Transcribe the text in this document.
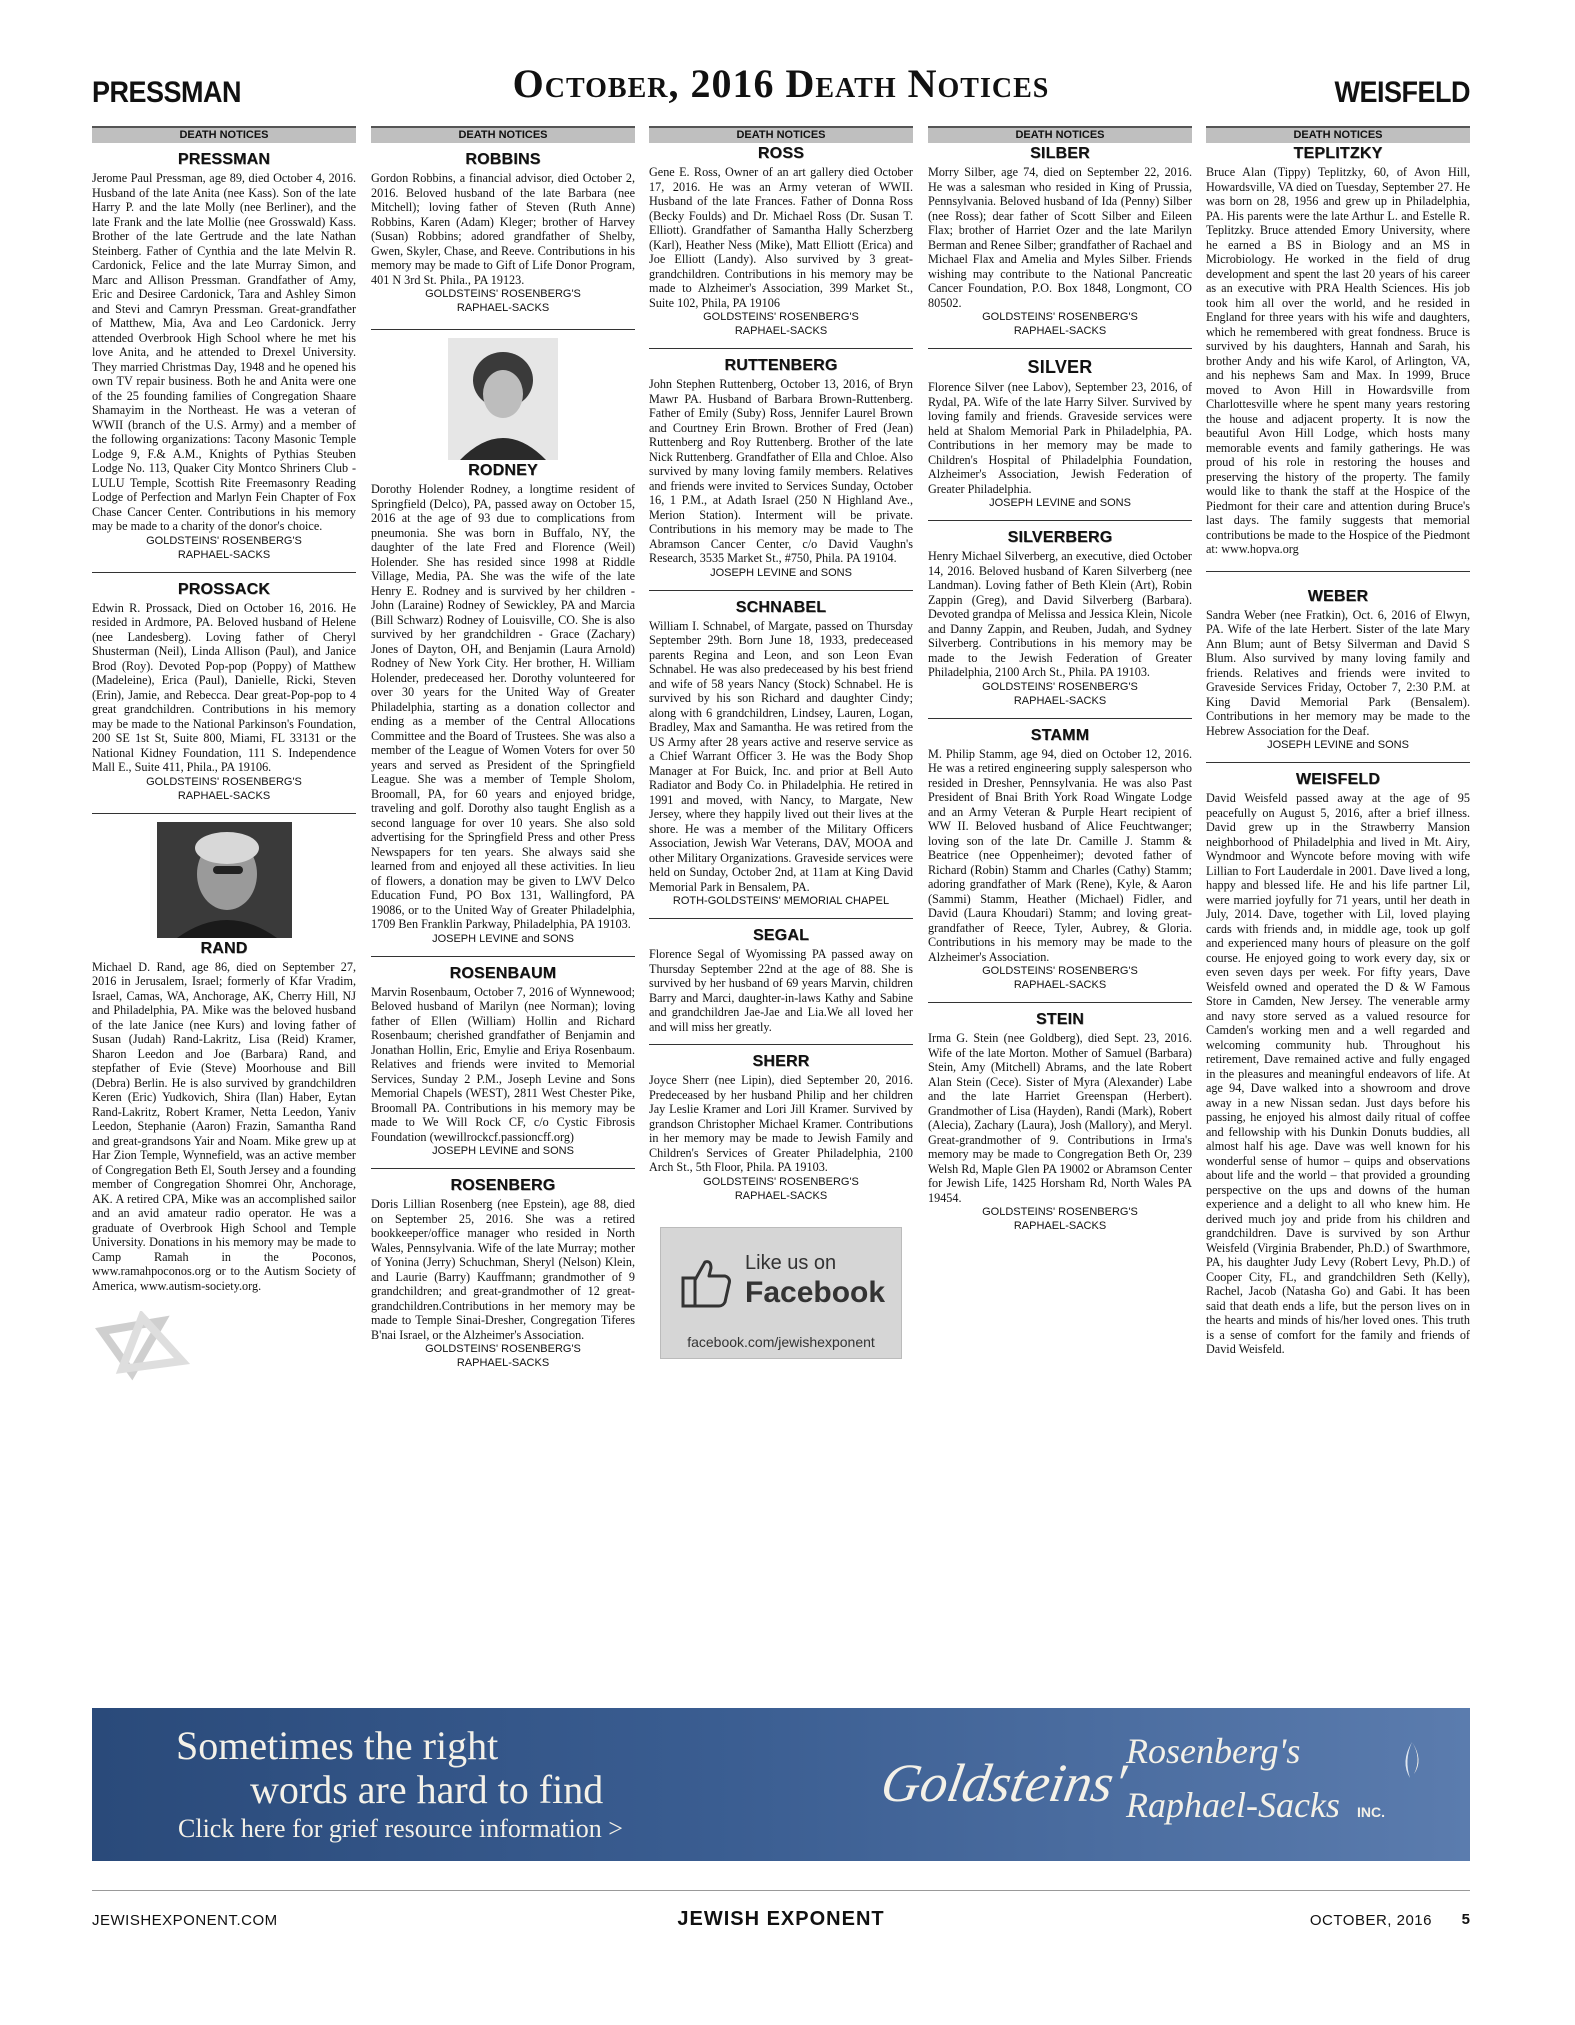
PRESSMAN	October, 2016 Death Notices	WEISFELD
DEATH NOTICES
PRESSMAN

Jerome Paul Pressman, age 89, died October 4, 2016. Husband of the late Anita (nee Kass). Son of the late Harry P. and the late Molly (nee Berliner), and the late Frank and the late Mollie (nee Grosswald) Kass. Brother of the late Gertrude and the late Nathan Steinberg. Father of Cynthia and the late Melvin R. Cardonick, Felice and the late Murray Simon, and Marc and Allison Pressman. Grandfather of Amy, Eric and Desiree Cardonick, Tara and Ashley Simon and Stevi and Camryn Pressman. Great-grandfather of Matthew, Mia, Ava and Leo Cardonick. Jerry attended Overbrook High School where he met his love Anita, and he attended to Drexel University. They married Christmas Day, 1948 and he opened his own TV repair business. Both he and Anita were one of the 25 founding families of Congregation Shaare Shamayim in the Northeast. He was a veteran of WWII (branch of the U.S. Army) and a member of the following organizations: Tacony Masonic Temple Lodge 9, F.& A.M., Knights of Pythias Steuben Lodge No. 113, Quaker City Montco Shriners Club - LULU Temple, Scottish Rite Freemasonry Reading Lodge of Perfection and Marlyn Fein Chapter of Fox Chase Cancer Center. Contributions in his memory may be made to a charity of the donor's choice.

GOLDSTEINS' ROSENBERG'S

RAPHAEL-SACKS

PROSSACK

Edwin R. Prossack, Died on October 16, 2016. He resided in Ardmore, PA. Beloved husband of Helene (nee Landesberg). Loving father of Cheryl Shusterman (Neil), Linda Allison (Paul), and Janice Brod (Roy). Devoted Pop-pop (Poppy) of Matthew (Madeleine), Erica (Paul), Danielle, Ricki, Steven (Erin), Jamie, and Rebecca. Dear great-Pop-pop to 4 great grandchildren. Contributions in his memory may be made to the National Parkinson's Foundation, 200 SE 1st St, Suite 800, Miami, FL 33131 or the National Kidney Foundation, 111 S. Independence Mall E., Suite 411, Phila., PA 19106.

GOLDSTEINS' ROSENBERG'S

RAPHAEL-SACKS

RAND

Michael D. Rand, age 86, died on September 27, 2016 in Jerusalem, Israel; formerly of Kfar Vradim, Israel, Camas, WA, Anchorage, AK, Cherry Hill, NJ and Philadelphia, PA. Mike was the beloved husband of the late Janice (nee Kurs) and loving father of Susan (Judah) Rand-Lakritz, Lisa (Reid) Kramer, Sharon Leedon and Joe (Barbara) Rand, and stepfather of Evie (Steve) Moorhouse and Bill (Debra) Berlin. He is also survived by grandchildren Keren (Eric) Yudkovich, Shira (Ilan) Haber, Eytan Rand-Lakritz, Robert Kramer, Netta Leedon, Yaniv Leedon, Stephanie (Aaron) Frazin, Samantha Rand and great-grandsons Yair and Noam. Mike grew up at Har Zion Temple, Wynnefield, was an active member of Congregation Beth El, South Jersey and a founding member of Congregation Shomrei Ohr, Anchorage, AK. A retired CPA, Mike was an accomplished sailor and an avid amateur radio operator. He was a graduate of Overbrook High School and Temple University. Donations in his memory may be made to Camp Ramah in the Poconos, www.ramahpoconos.org or to the Autism Society of America, www.autism-society.org.

DEATH NOTICES
ROBBINS

Gordon Robbins, a financial advisor, died October 2, 2016. Beloved husband of the late Barbara (nee Mitchell); loving father of Steven (Ruth Anne) Robbins, Karen (Adam) Kleger; brother of Harvey (Susan) Robbins; adored grandfather of Shelby, Gwen, Skyler, Chase, and Reeve. Contributions in his memory may be made to Gift of Life Donor Program, 401 N 3rd St. Phila., PA 19123.

GOLDSTEINS' ROSENBERG'S

RAPHAEL-SACKS

RODNEY

Dorothy Holender Rodney, a longtime resident of Springfield (Delco), PA, passed away on October 15, 2016 at the age of 93 due to complications from pneumonia. She was born in Buffalo, NY, the daughter of the late Fred and Florence (Weil) Holender. She has resided since 1998 at Riddle Village, Media, PA. She was the wife of the late Henry E. Rodney and is survived by her children - John (Laraine) Rodney of Sewickley, PA and Marcia (Bill Schwarz) Rodney of Louisville, CO. She is also survived by her grandchildren - Grace (Zachary) Jones of Dayton, OH, and Benjamin (Laura Arnold) Rodney of New York City. Her brother, H. William Holender, predeceased her. Dorothy volunteered for over 30 years for the United Way of Greater Philadelphia, starting as a donation collector and ending as a member of the Central Allocations Committee and the Board of Trustees. She was also a member of the League of Women Voters for over 50 years and served as President of the Springfield League. She was a member of Temple Sholom, Broomall, PA, for 60 years and enjoyed bridge, traveling and golf. Dorothy also taught English as a second language for over 10 years. She also sold advertising for the Springfield Press and other Press Newspapers for ten years. She always said she learned from and enjoyed all these activities. In lieu of flowers, a donation may be given to LWV Delco Education Fund, PO Box 131, Wallingford, PA 19086, or to the United Way of Greater Philadelphia, 1709 Ben Franklin Parkway, Philadelphia, PA 19103.

JOSEPH LEVINE and SONS

ROSENBAUM

Marvin Rosenbaum, October 7, 2016 of Wynnewood; Beloved husband of Marilyn (nee Norman); loving father of Ellen (William) Hollin and Richard Rosenbaum; cherished grandfather of Benjamin and Jonathan Hollin, Eric, Emylie and Eriya Rosenbaum. Relatives and friends were invited to Memorial Services, Sunday 2 P.M., Joseph Levine and Sons Memorial Chapels (WEST), 2811 West Chester Pike, Broomall PA. Contributions in his memory may be made to We Will Rock CF, c/o Cystic Fibrosis Foundation (wewillrockcf.passioncff.org)

JOSEPH LEVINE and SONS

ROSENBERG

Doris Lillian Rosenberg (nee Epstein), age 88, died on September 25, 2016. She was a retired bookkeeper/office manager who resided in North Wales, Pennsylvania. Wife of the late Murray; mother of Yonina (Jerry) Schuchman, Sheryl (Nelson) Klein, and Laurie (Barry) Kauffmann; grandmother of 9 grandchildren; and great-grandmother of 12 great-grandchildren.Contributions in her memory may be made to Temple Sinai-Dresher, Congregation Tiferes B'nai Israel, or the Alzheimer's Association.

GOLDSTEINS' ROSENBERG'S

RAPHAEL-SACKS

DEATH NOTICES
ROSS

Gene E. Ross, Owner of an art gallery died October 17, 2016. He was an Army veteran of WWII. Husband of the late Frances. Father of Donna Ross (Becky Foulds) and Dr. Michael Ross (Dr. Susan T. Elliott). Grandfather of Samantha Hally Scherzberg (Karl), Heather Ness (Mike), Matt Elliott (Erica) and Joe Elliott (Landy). Also survived by 3 great-grandchildren. Contributions in his memory may be made to Alzheimer's Association, 399 Market St., Suite 102, Phila, PA 19106

GOLDSTEINS' ROSENBERG'S

RAPHAEL-SACKS

RUTTENBERG

John Stephen Ruttenberg, October 13, 2016, of Bryn Mawr PA. Husband of Barbara Brown-Ruttenberg. Father of Emily (Suby) Ross, Jennifer Laurel Brown and Courtney Erin Brown. Brother of Fred (Jean) Ruttenberg and Roy Ruttenberg. Brother of the late Nick Ruttenberg. Grandfather of Ella and Chloe. Also survived by many loving family members. Relatives and friends were invited to Services Sunday, October 16, 1 P.M., at Adath Israel (250 N Highland Ave., Merion Station). Interment will be private. Contributions in his memory may be made to The Abramson Cancer Center, c/o David Vaughn's Research, 3535 Market St., #750, Phila. PA 19104.

JOSEPH LEVINE and SONS

SCHNABEL

William I. Schnabel, of Margate, passed on Thursday September 29th. Born June 18, 1933, predeceased parents Regina and Leon, and son Leon Evan Schnabel. He was also predeceased by his best friend and wife of 58 years Nancy (Stock) Schnabel. He is survived by his son Richard and daughter Cindy; along with 6 grandchildren, Lindsey, Lauren, Logan, Bradley, Max and Samantha. He was retired from the US Army after 28 years active and reserve service as a Chief Warrant Officer 3. He was the Body Shop Manager at For Buick, Inc. and prior at Bell Auto Radiator and Body Co. in Philadelphia. He retired in 1991 and moved, with Nancy, to Margate, New Jersey, where they happily lived out their lives at the shore. He was a member of the Military Officers Association, Jewish War Veterans, DAV, MOOA and other Military Organizations. Graveside services were held on Sunday, October 2nd, at 11am at King David Memorial Park in Bensalem, PA.

ROTH-GOLDSTEINS' MEMORIAL CHAPEL

SEGAL

Florence Segal of Wyomissing PA passed away on Thursday September 22nd at the age of 88. She is survived by her husband of 69 years Marvin, children Barry and Marci, daughter-in-laws Kathy and Sabine and grandchildren Jae-Jae and Lia.We all loved her and will miss her greatly.

SHERR

Joyce Sherr (nee Lipin), died September 20, 2016. Predeceased by her husband Philip and her children Jay Leslie Kramer and Lori Jill Kramer. Survived by grandson Christopher Michael Kramer. Contributions in her memory may be made to Jewish Family and Children's Services of Greater Philadelphia, 2100 Arch St., 5th Floor, Phila. PA 19103.

GOLDSTEINS' ROSENBERG'S

RAPHAEL-SACKS

Like us on
Facebook
facebook.com/jewishexponent
DEATH NOTICES
SILBER

Morry Silber, age 74, died on September 22, 2016. He was a salesman who resided in King of Prussia, Pennsylvania. Beloved husband of Ida (Penny) Silber (nee Ross); dear father of Scott Silber and Eileen Flax; brother of Harriet Ozer and the late Marilyn Berman and Renee Silber; grandfather of Rachael and Michael Flax and Amelia and Myles Silber. Friends wishing may contribute to the National Pancreatic Cancer Foundation, P.O. Box 1848, Longmont, CO 80502.

GOLDSTEINS' ROSENBERG'S

RAPHAEL-SACKS

SILVER

Florence Silver (nee Labov), September 23, 2016, of Rydal, PA. Wife of the late Harry Silver. Survived by loving family and friends. Graveside services were held at Shalom Memorial Park in Philadelphia, PA. Contributions in her memory may be made to Children's Hospital of Philadelphia Foundation, Alzheimer's Association, Jewish Federation of Greater Philadelphia.

JOSEPH LEVINE and SONS

SILVERBERG

Henry Michael Silverberg, an executive, died October 14, 2016. Beloved husband of Karen Silverberg (nee Landman). Loving father of Beth Klein (Art), Robin Zappin (Greg), and David Silverberg (Barbara). Devoted grandpa of Melissa and Jessica Klein, Nicole and Danny Zappin, and Reuben, Judah, and Sydney Silverberg. Contributions in his memory may be made to the Jewish Federation of Greater Philadelphia, 2100 Arch St., Phila. PA 19103.

GOLDSTEINS' ROSENBERG'S

RAPHAEL-SACKS

STAMM

M. Philip Stamm, age 94, died on October 12, 2016. He was a retired engineering supply salesperson who resided in Dresher, Pennsylvania. He was also Past President of Bnai Brith York Road Wingate Lodge and an Army Veteran & Purple Heart recipient of WW II. Beloved husband of Alice Feuchtwanger; loving son of the late Dr. Camille J. Stamm & Beatrice (nee Oppenheimer); devoted father of Richard (Robin) Stamm and Charles (Cathy) Stamm; adoring grandfather of Mark (Rene), Kyle, & Aaron (Sammi) Stamm, Heather (Michael) Fidler, and David (Laura Khoudari) Stamm; and loving great-grandfather of Reece, Tyler, Aubrey, & Gloria. Contributions in his memory may be made to the Alzheimer's Association.

GOLDSTEINS' ROSENBERG'S

RAPHAEL-SACKS

STEIN

Irma G. Stein (nee Goldberg), died Sept. 23, 2016. Wife of the late Morton. Mother of Samuel (Barbara) Stein, Amy (Mitchell) Abrams, and the late Robert Alan Stein (Cece). Sister of Myra (Alexander) Labe and the late Harriet Greenspan (Herbert). Grandmother of Lisa (Hayden), Randi (Mark), Robert (Alecia), Zachary (Laura), Josh (Mallory), and Meryl. Great-grandmother of 9. Contributions in Irma's memory may be made to Congregation Beth Or, 239 Welsh Rd, Maple Glen PA 19002 or Abramson Center for Jewish Life, 1425 Horsham Rd, North Wales PA 19454.

GOLDSTEINS' ROSENBERG'S

RAPHAEL-SACKS

DEATH NOTICES
TEPLITZKY

Bruce Alan (Tippy) Teplitzky, 60, of Avon Hill, Howardsville, VA died on Tuesday, September 27. He was born on 28, 1956 and grew up in Philadelphia, PA. His parents were the late Arthur L. and Estelle R. Teplitzky. Bruce attended Emory University, where he earned a BS in Biology and an MS in Microbiology. He worked in the field of drug development and spent the last 20 years of his career as an executive with PRA Health Sciences. His job took him all over the world, and he resided in England for three years with his wife and daughters, which he remembered with great fondness. Bruce is survived by his daughters, Hannah and Sarah, his brother Andy and his wife Karol, of Arlington, VA, and his nephews Sam and Max. In 1999, Bruce moved to Avon Hill in Howardsville from Charlottesville where he spent many years restoring the house and adjacent property. It is now the beautiful Avon Hill Lodge, which hosts many memorable events and family gatherings. He was proud of his role in restoring the houses and preserving the history of the property. The family would like to thank the staff at the Hospice of the Piedmont for their care and attention during Bruce's last days. The family suggests that memorial contributions be made to the Hospice of the Piedmont at: www.hopva.org

WEBER

Sandra Weber (nee Fratkin), Oct. 6, 2016 of Elwyn, PA. Wife of the late Herbert. Sister of the late Mary Ann Blum; aunt of Betsy Silverman and David S Blum. Also survived by many loving family and friends. Relatives and friends were invited to Graveside Services Friday, October 7, 2:30 P.M. at King David Memorial Park (Bensalem). Contributions in her memory may be made to the Hebrew Association for the Deaf.

JOSEPH LEVINE and SONS

WEISFELD

David Weisfeld passed away at the age of 95 peacefully on August 5, 2016, after a brief illness. David grew up in the Strawberry Mansion neighborhood of Philadelphia and lived in Mt. Airy, Wyndmoor and Wyncote before moving with wife Lillian to Fort Lauderdale in 2001. Dave lived a long, happy and blessed life. He and his life partner Lil, were married joyfully for 71 years, until her death in July, 2014. Dave, together with Lil, loved playing cards with friends and, in middle age, took up golf and experienced many hours of pleasure on the golf course. He enjoyed going to work every day, six or even seven days per week. For fifty years, Dave Weisfeld owned and operated the D & W Famous Store in Camden, New Jersey. The venerable army and navy store served as a valued resource for Camden's working men and a well regarded and welcoming community hub. Throughout his retirement, Dave remained active and fully engaged in the pleasures and meaningful endeavors of life. At age 94, Dave walked into a showroom and drove away in a new Nissan sedan. Just days before his passing, he enjoyed his almost daily ritual of coffee and fellowship with his Dunkin Donuts buddies, all almost half his age. Dave was well known for his wonderful sense of humor – quips and observations about life and the world – that provided a grounding perspective on the ups and downs of the human experience and a delight to all who knew him. He derived much joy and pride from his children and grandchildren. Dave is survived by son Arthur Weisfeld (Virginia Brabender, Ph.D.) of Swarthmore, PA, his daughter Judy Levy (Robert Levy, Ph.D.) of Cooper City, FL, and grandchildren Seth (Kelly), Rachel, Jacob (Natasha Go) and Gabi. It has been said that death ends a life, but the person lives on in the hearts and minds of his/her loved ones. This truth is a sense of comfort for the family and friends of David Weisfeld.

Sometimes the right
words are hard to find
Click here for grief resource information >
Goldsteins'
Rosenberg's
Raphael-Sacks INC.
JEWISHEXPONENT.COM	JEWISH EXPONENT	OCTOBER, 2016 5
